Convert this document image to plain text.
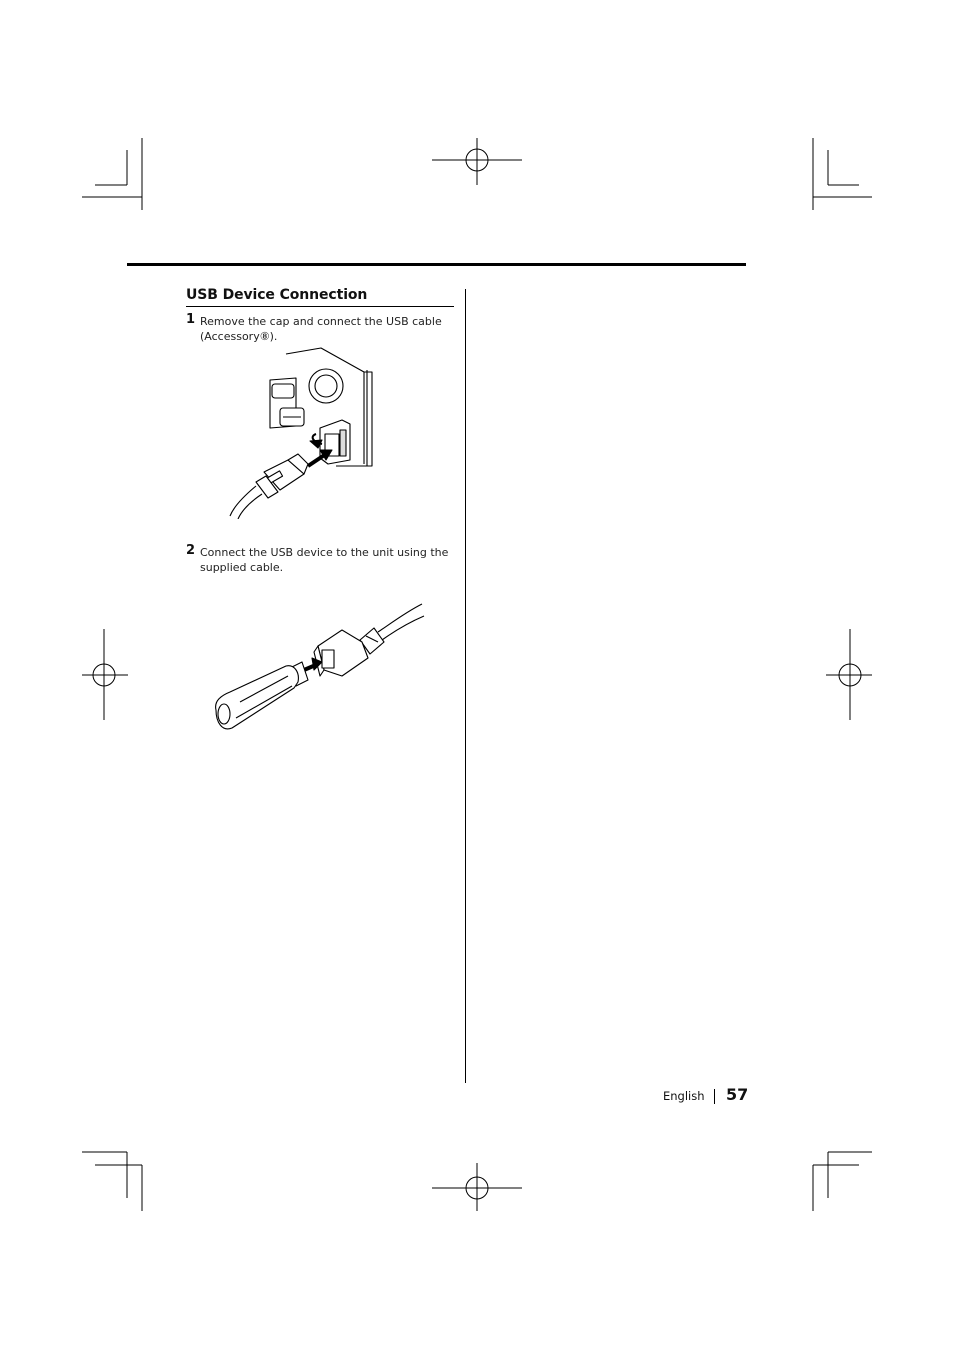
USB Device Connection
1 Remove the cap and connect the USB cable (Accessory⑧).
2 Connect the USB device to the unit using the supplied cable.
English 57
